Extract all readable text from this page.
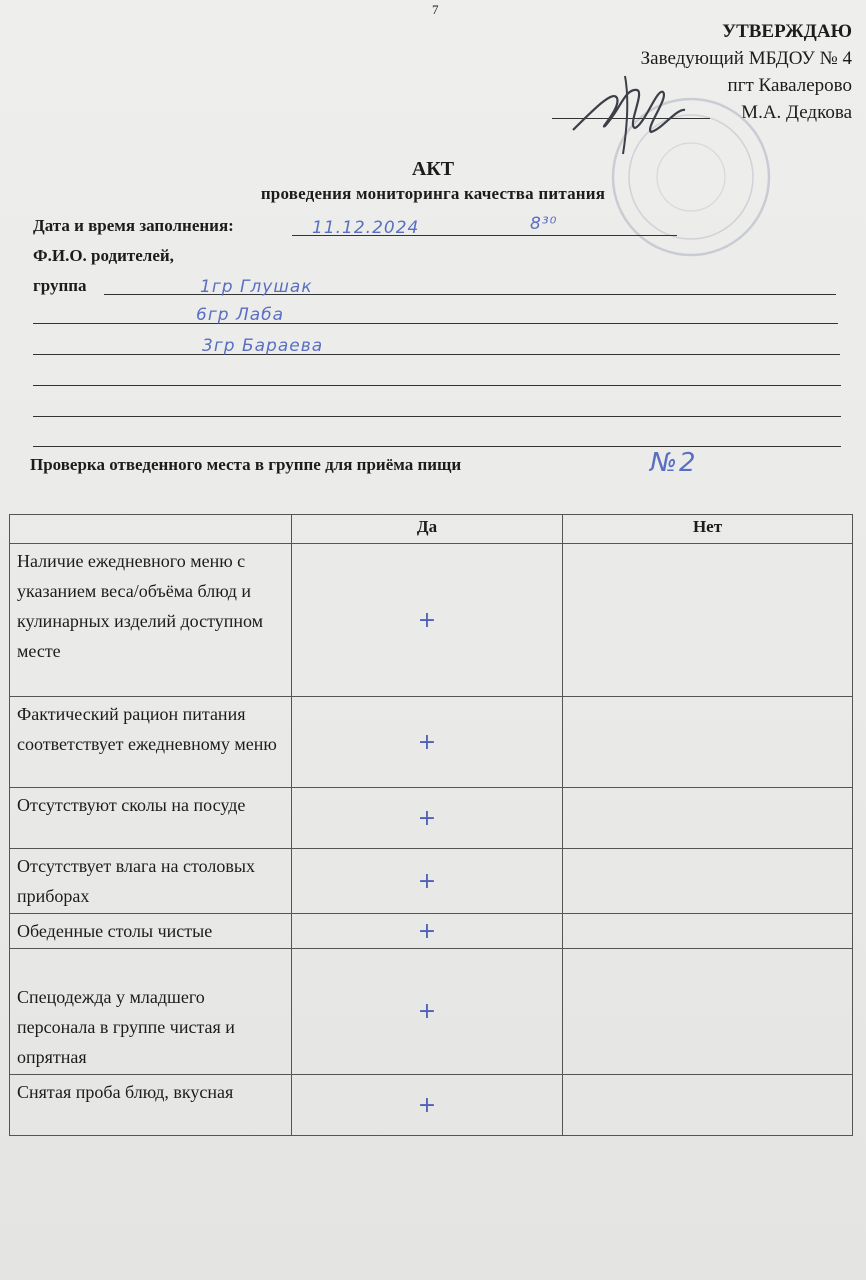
7
УТВЕРЖДАЮ
Заведующий МБДОУ № 4
пгт Кавалерово
М.А. Дедкова
АКТ
проведения мониторинга качества питания
Дата и время заполнения:	11.12.2024	8³⁰
Ф.И.О. родителей,
группа	1гр Глушак
6гр Лаба
3гр Бараева
Проверка отведенного места в группе для приёма пищи	№2
	Да	Нет
Наличие ежедневного меню с указанием веса/объёма блюд и кулинарных изделий доступном месте	+	
Фактический рацион питания соответствует ежедневному меню	+	
Отсутствуют сколы на посуде	+	
Отсутствует влага на столовых приборах	+	
Обеденные столы чистые	+	
Спецодежда у младшего персонала в группе чистая и опрятная	+	
Снятая проба блюд, вкусная	+	
